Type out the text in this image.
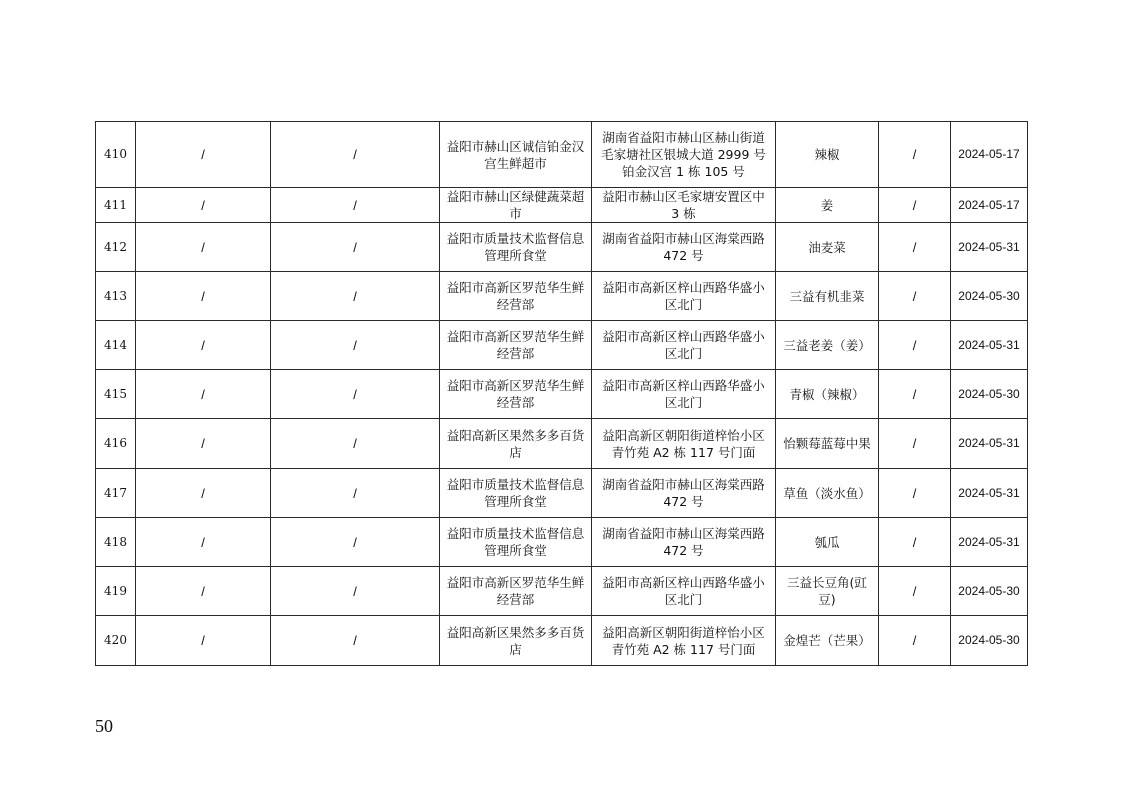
410	/	/	益阳市赫山区诚信铂金汉宫生鲜超市	湖南省益阳市赫山区赫山街道毛家塘社区银城大道 2999 号铂金汉宫 1 栋 105 号	辣椒	/	2024-05-17
411	/	/	益阳市赫山区绿健蔬菜超市	益阳市赫山区毛家塘安置区中 3 栋	姜	/	2024-05-17
412	/	/	益阳市质量技术监督信息管理所食堂	湖南省益阳市赫山区海棠西路 472 号	油麦菜	/	2024-05-31
413	/	/	益阳市高新区罗范华生鲜经营部	益阳市高新区梓山西路华盛小区北门	三益有机韭菜	/	2024-05-30
414	/	/	益阳市高新区罗范华生鲜经营部	益阳市高新区梓山西路华盛小区北门	三益老姜（姜）	/	2024-05-31
415	/	/	益阳市高新区罗范华生鲜经营部	益阳市高新区梓山西路华盛小区北门	青椒（辣椒）	/	2024-05-30
416	/	/	益阳高新区果然多多百货店	益阳高新区朝阳街道梓怡小区青竹苑 A2 栋 117 号门面	怡颗莓蓝莓中果	/	2024-05-31
417	/	/	益阳市质量技术监督信息管理所食堂	湖南省益阳市赫山区海棠西路 472 号	草鱼（淡水鱼）	/	2024-05-31
418	/	/	益阳市质量技术监督信息管理所食堂	湖南省益阳市赫山区海棠西路 472 号	瓠瓜	/	2024-05-31
419	/	/	益阳市高新区罗范华生鲜经营部	益阳市高新区梓山西路华盛小区北门	三益长豆角(豇豆)	/	2024-05-30
420	/	/	益阳高新区果然多多百货店	益阳高新区朝阳街道梓怡小区青竹苑 A2 栋 117 号门面	金煌芒（芒果）	/	2024-05-30
50
